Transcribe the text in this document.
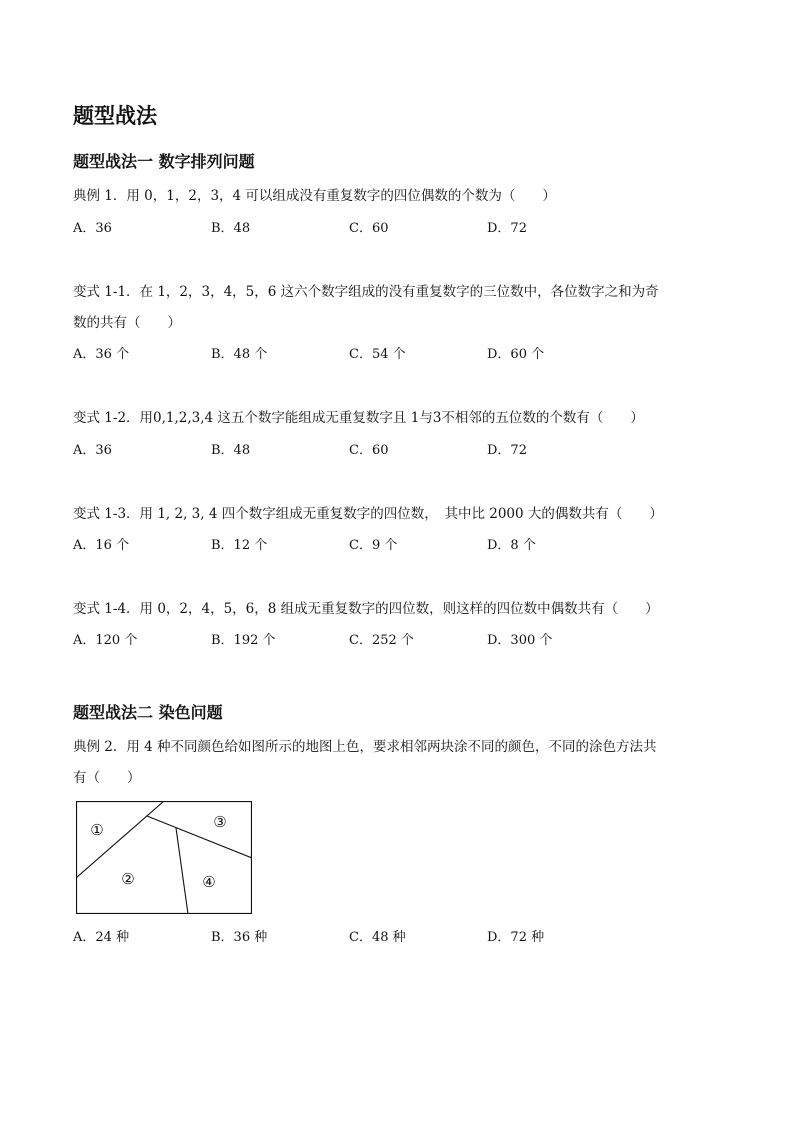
题型战法
题型战法一 数字排列问题
典例 1．用 0，1，2，3，4 可以组成没有重复数字的四位偶数的个数为（　　）
A．36	B．48	C．60	D．72
变式 1-1．在 1，2，3，4，5，6 这六个数字组成的没有重复数字的三位数中，各位数字之和为奇
数的共有（　　）
A．36 个	B．48 个	C．54 个	D．60 个
变式 1-2．用0,1,2,3,4 这五个数字能组成无重复数字且 1与3不相邻的五位数的个数有（　　）
A．36	B．48	C．60	D．72
变式 1-3．用 1, 2, 3, 4 四个数字组成无重复数字的四位数，　其中比 2000 大的偶数共有（　　）
A．16 个	B．12 个	C．9 个	D．8 个
变式 1-4．用 0，2，4，5，6，8 组成无重复数字的四位数，则这样的四位数中偶数共有（　　）
A．120 个	B．192 个	C．252 个	D．300 个
题型战法二 染色问题
典例 2．用 4 种不同颜色给如图所示的地图上色，要求相邻两块涂不同的颜色，不同的涂色方法共
有（　　）
①
②
③
④
A．24 种	B．36 种	C．48 种	D．72 种
